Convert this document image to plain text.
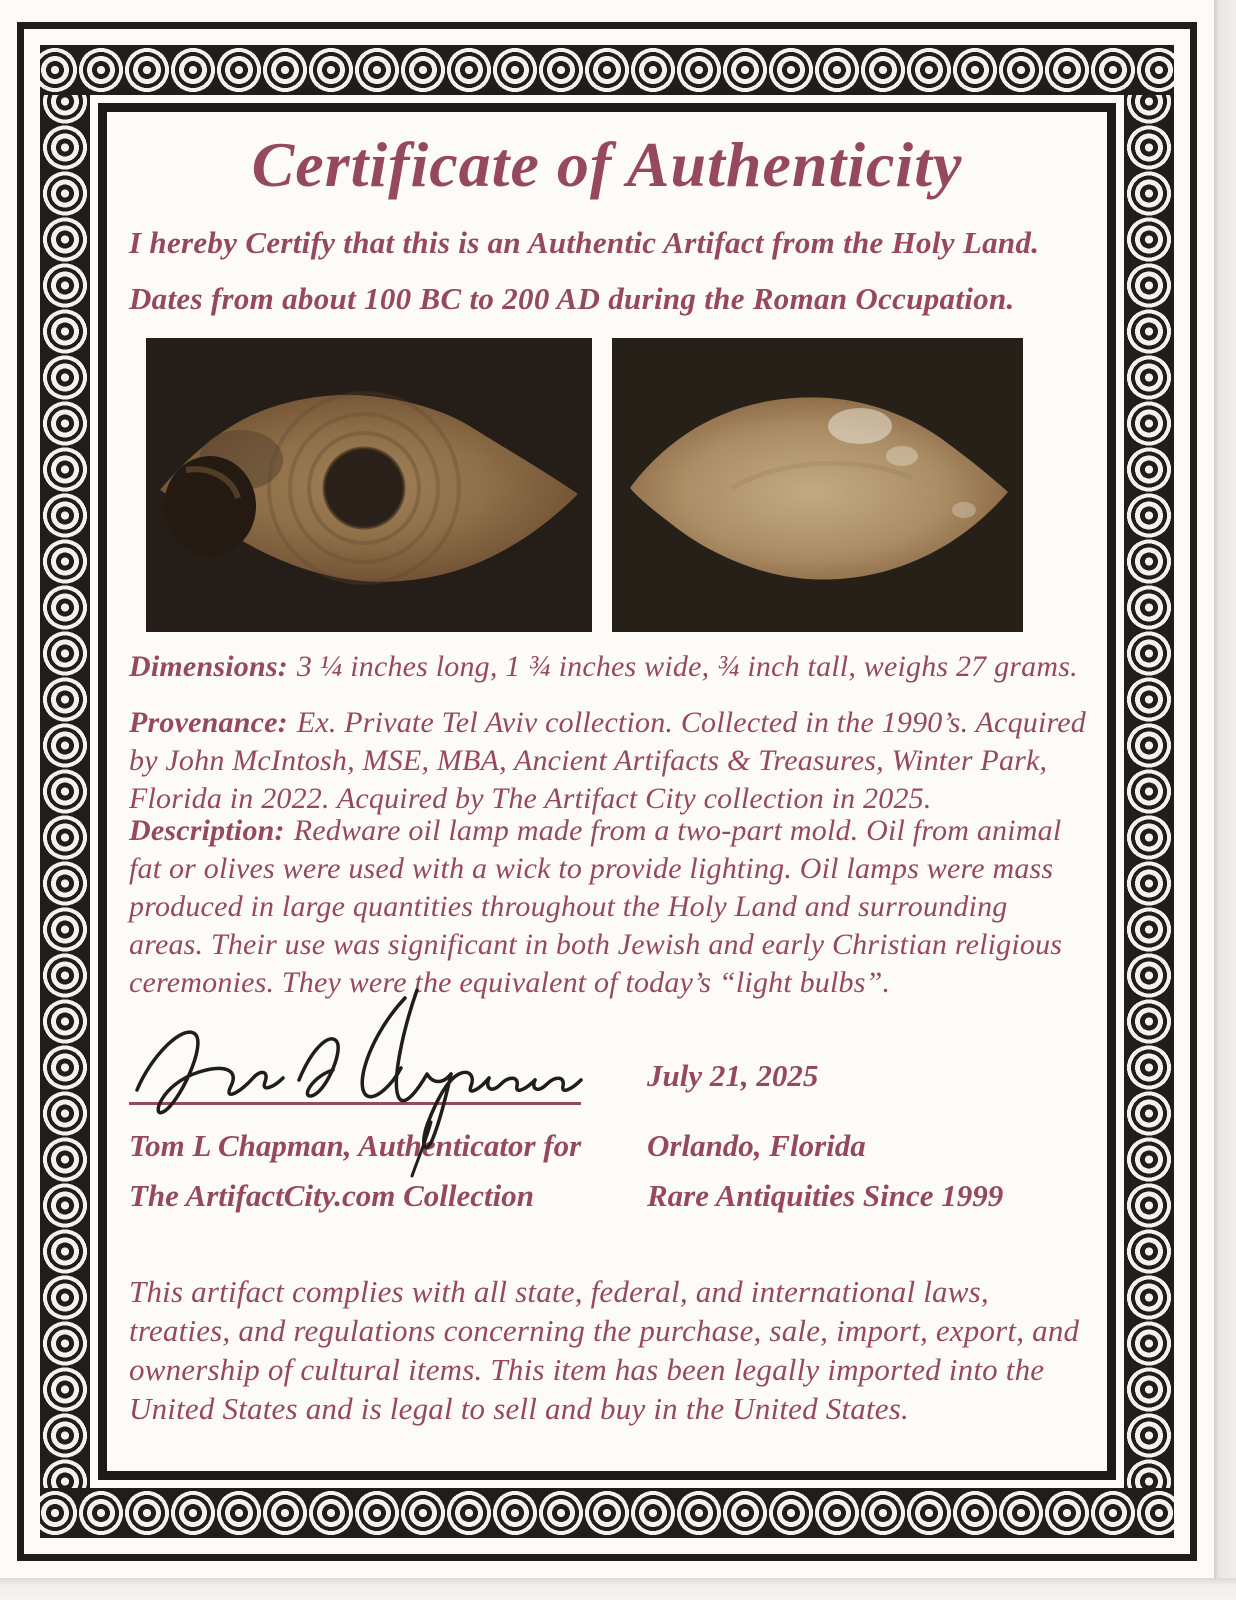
Certificate of Authenticity

I hereby Certify that this is an Authentic Artifact from the Holy Land.

Dates from about 100 BC to 200 AD during the Roman Occupation.

Dimensions: 3 ¼ inches long, 1 ¾ inches wide, ¾ inch tall, weighs 27 grams.

Provenance: Ex. Private Tel Aviv collection. Collected in the 1990’s. Acquired by John McIntosh, MSE, MBA, Ancient Artifacts & Treasures, Winter Park, Florida in 2022. Acquired by The Artifact City collection in 2025.

Description: Redware oil lamp made from a two-part mold. Oil from animal fat or olives were used with a wick to provide lighting. Oil lamps were mass produced in large quantities throughout the Holy Land and surrounding areas. Their use was significant in both Jewish and early Christian religious ceremonies. They were the equivalent of today’s “light bulbs”.

July 21, 2025

Tom L Chapman, Authenticator for Orlando, Florida

The ArtifactCity.com Collection	Rare Antiquities Since 1999

This artifact complies with all state, federal, and international laws, treaties, and regulations concerning the purchase, sale, import, export, and ownership of cultural items. This item has been legally imported into the United States and is legal to sell and buy in the United States.
